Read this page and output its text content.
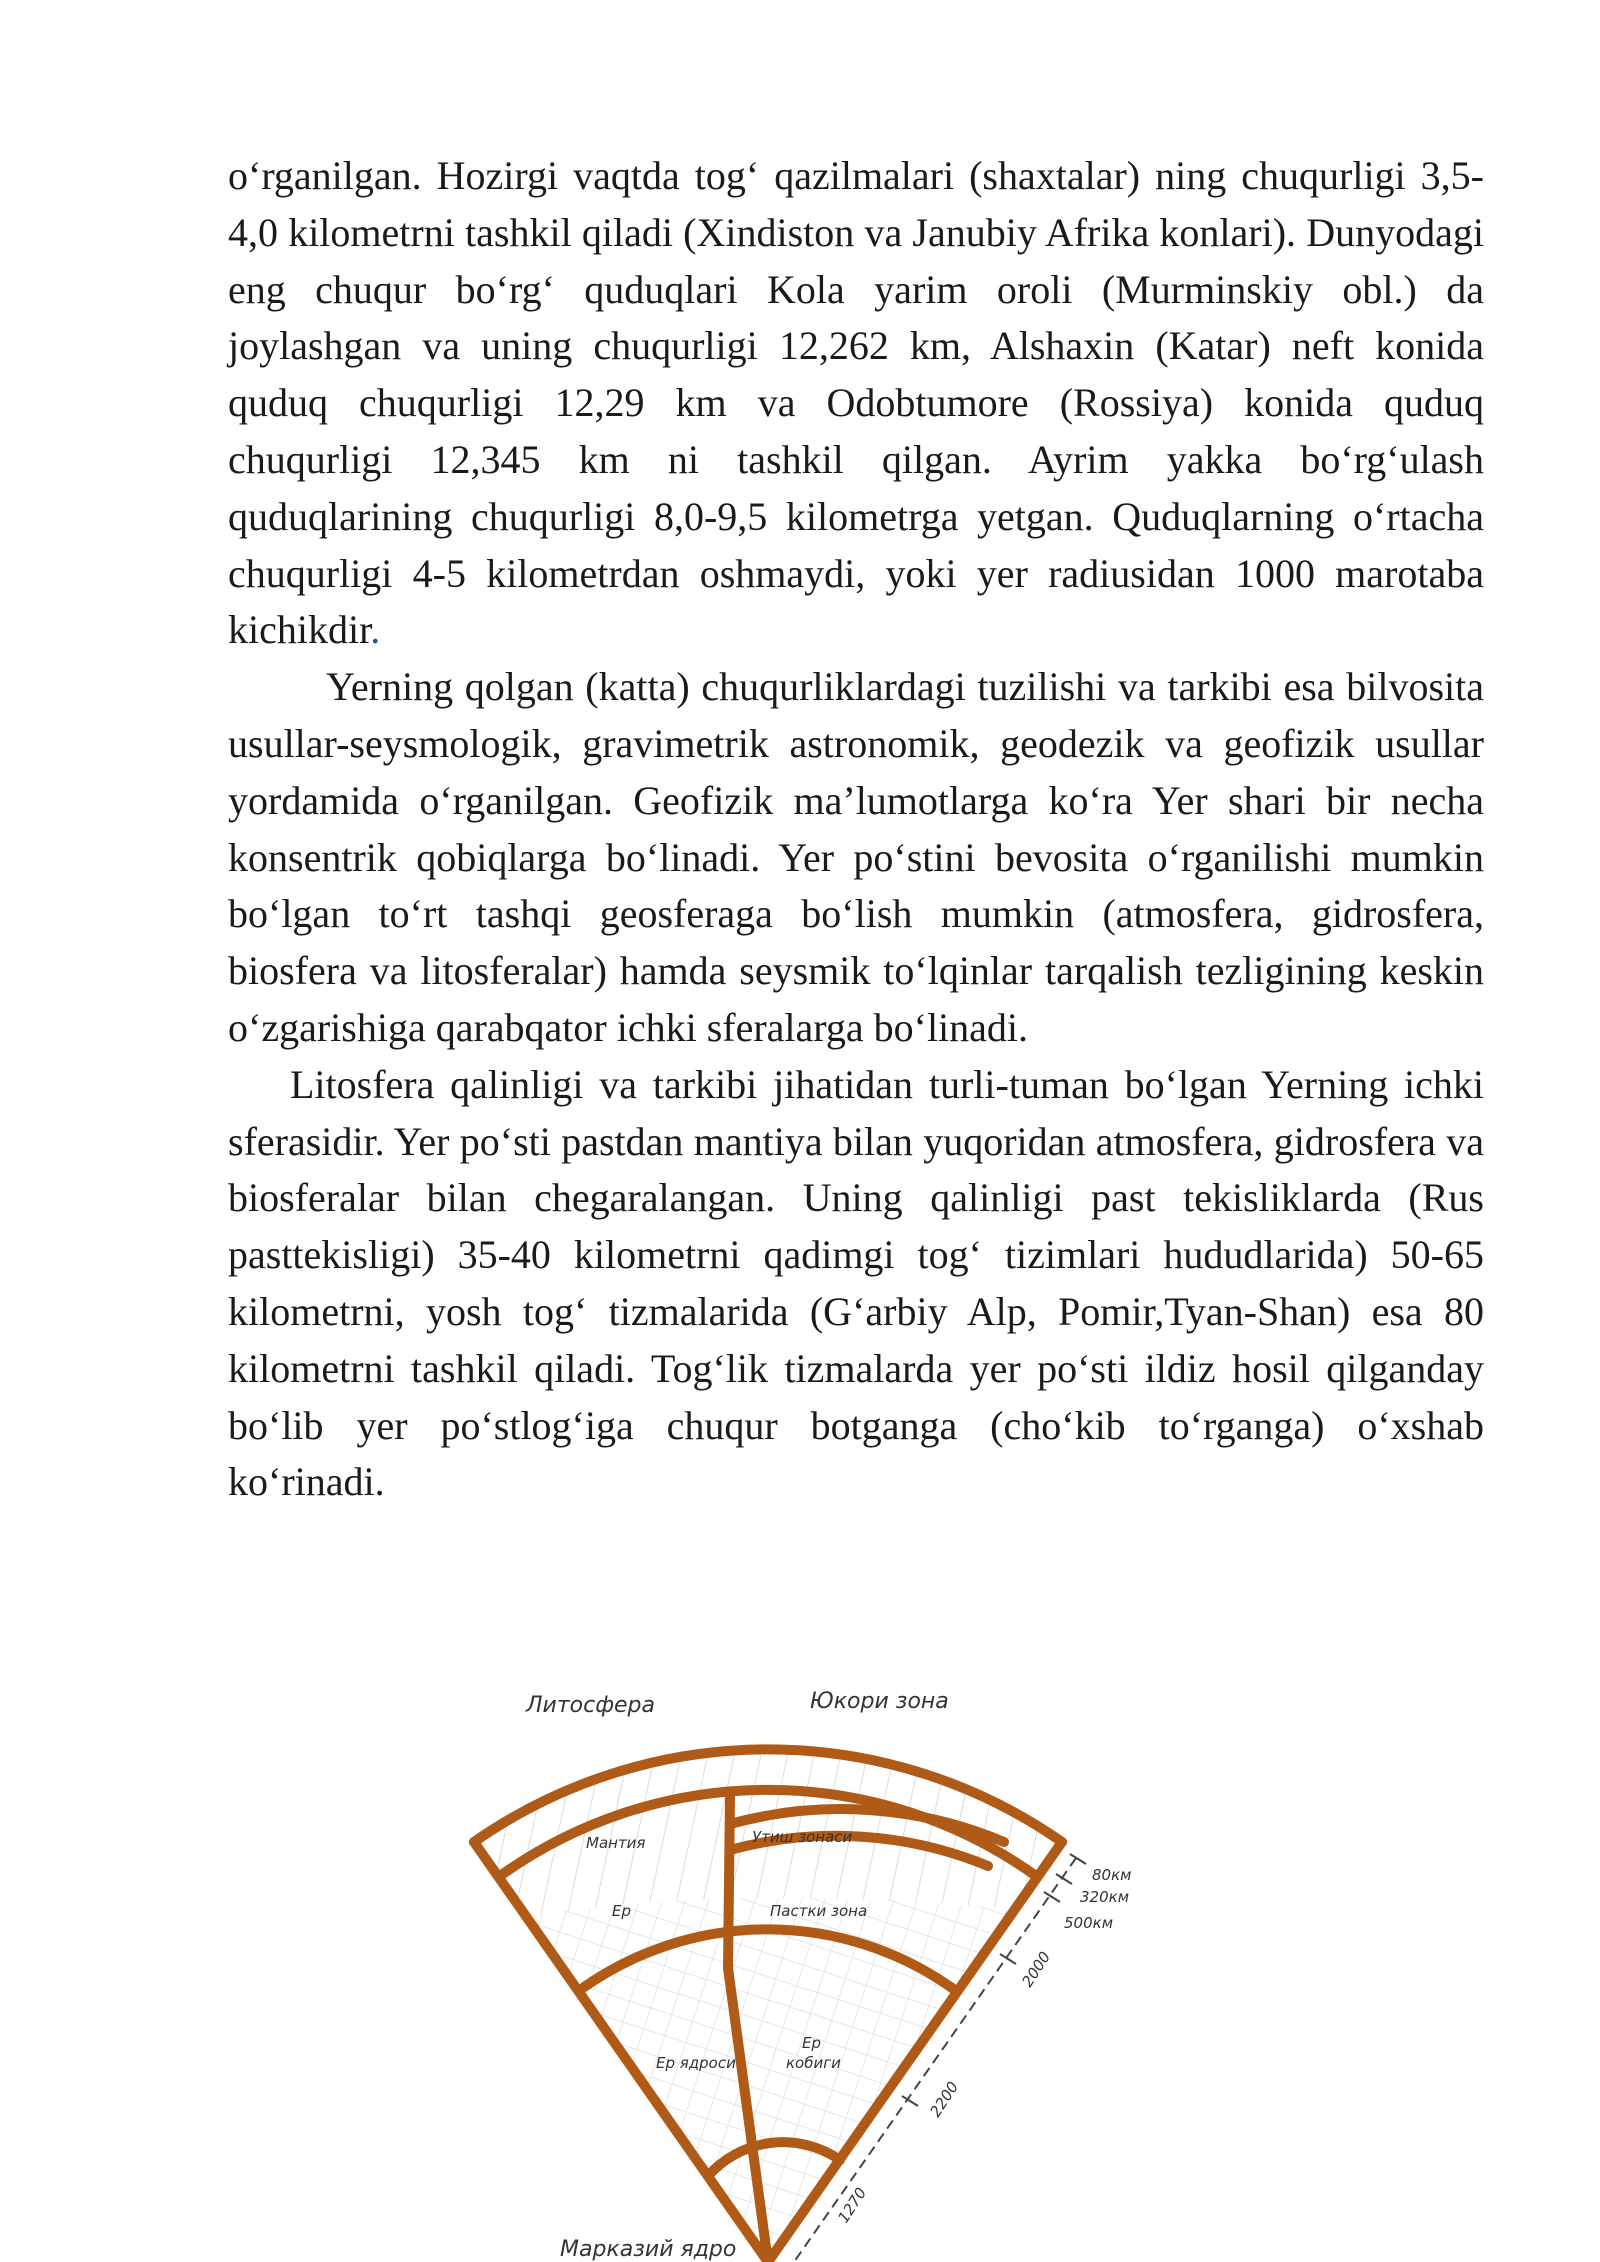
o‘rganilgan. Hozirgi vaqtda tog‘ qazilmalari (shaxtalar) ning chuqurligi 3,5-4,0 kilometrni tashkil qiladi (Xindiston va Janubiy Afrika konlari). Dunyodagi eng chuqur bo‘rg‘ quduqlari Kola yarim oroli (Murminskiy obl.) da joylashgan va uning chuqurligi 12,262 km, Alshaxin (Katar) neft konida quduq chuqurligi 12,29 km va Odobtumore (Rossiya) konida quduq chuqurligi 12,345 km ni tashkil qilgan. Ayrim yakka bo‘rg‘ulash quduqlarining chuqurligi 8,0-9,5 kilometrga yetgan. Quduqlarning o‘rtacha chuqurligi 4-5 kilometrdan oshmaydi, yoki yer radiusidan 1000 marotaba kichikdir.

Yerning qolgan (katta) chuqurliklardagi tuzilishi va tarkibi esa bilvosita usullar-seysmologik, gravimetrik astronomik, geodezik va geofizik usullar yordamida o‘rganilgan. Geofizik ma’lumotlarga ko‘ra Yer shari bir necha konsentrik qobiqlarga bo‘linadi. Yer po‘stini bevosita o‘rganilishi mumkin bo‘lgan to‘rt tashqi geosferaga bo‘lish mumkin (atmosfera, gidrosfera, biosfera va litosferalar) hamda seysmik to‘lqinlar tarqalish tezligining keskin o‘zgarishiga qarabqator ichki sferalarga bo‘linadi.

Litosfera qalinligi va tarkibi jihatidan turli-tuman bo‘lgan Yerning ichki sferasidir. Yer po‘sti pastdan mantiya bilan yuqoridan atmosfera, gidrosfera va biosferalar bilan chegaralangan. Uning qalinligi past tekisliklarda (Rus pasttekisligi) 35-40 kilometrni qadimgi tog‘ tizimlari hududlarida) 50-65 kilometrni, yosh tog‘ tizmalarida (G‘arbiy Alp, Pomir,Tyan-Shan) esa 80 kilometrni tashkil qiladi. Tog‘lik tizmalarda yer po‘sti ildiz hosil qilganday bo‘lib yer po‘stlog‘iga chuqur botganga (cho‘kib to‘rganga) o‘xshab ko‘rinadi.

Литосфера	Юкори зона
Мантия
Ер
Утиш зонаси
Пастки зона
Ер ядроси
Ер
кобиги
Марказий ядро
80км
320км
500км
2000
2200
1270
